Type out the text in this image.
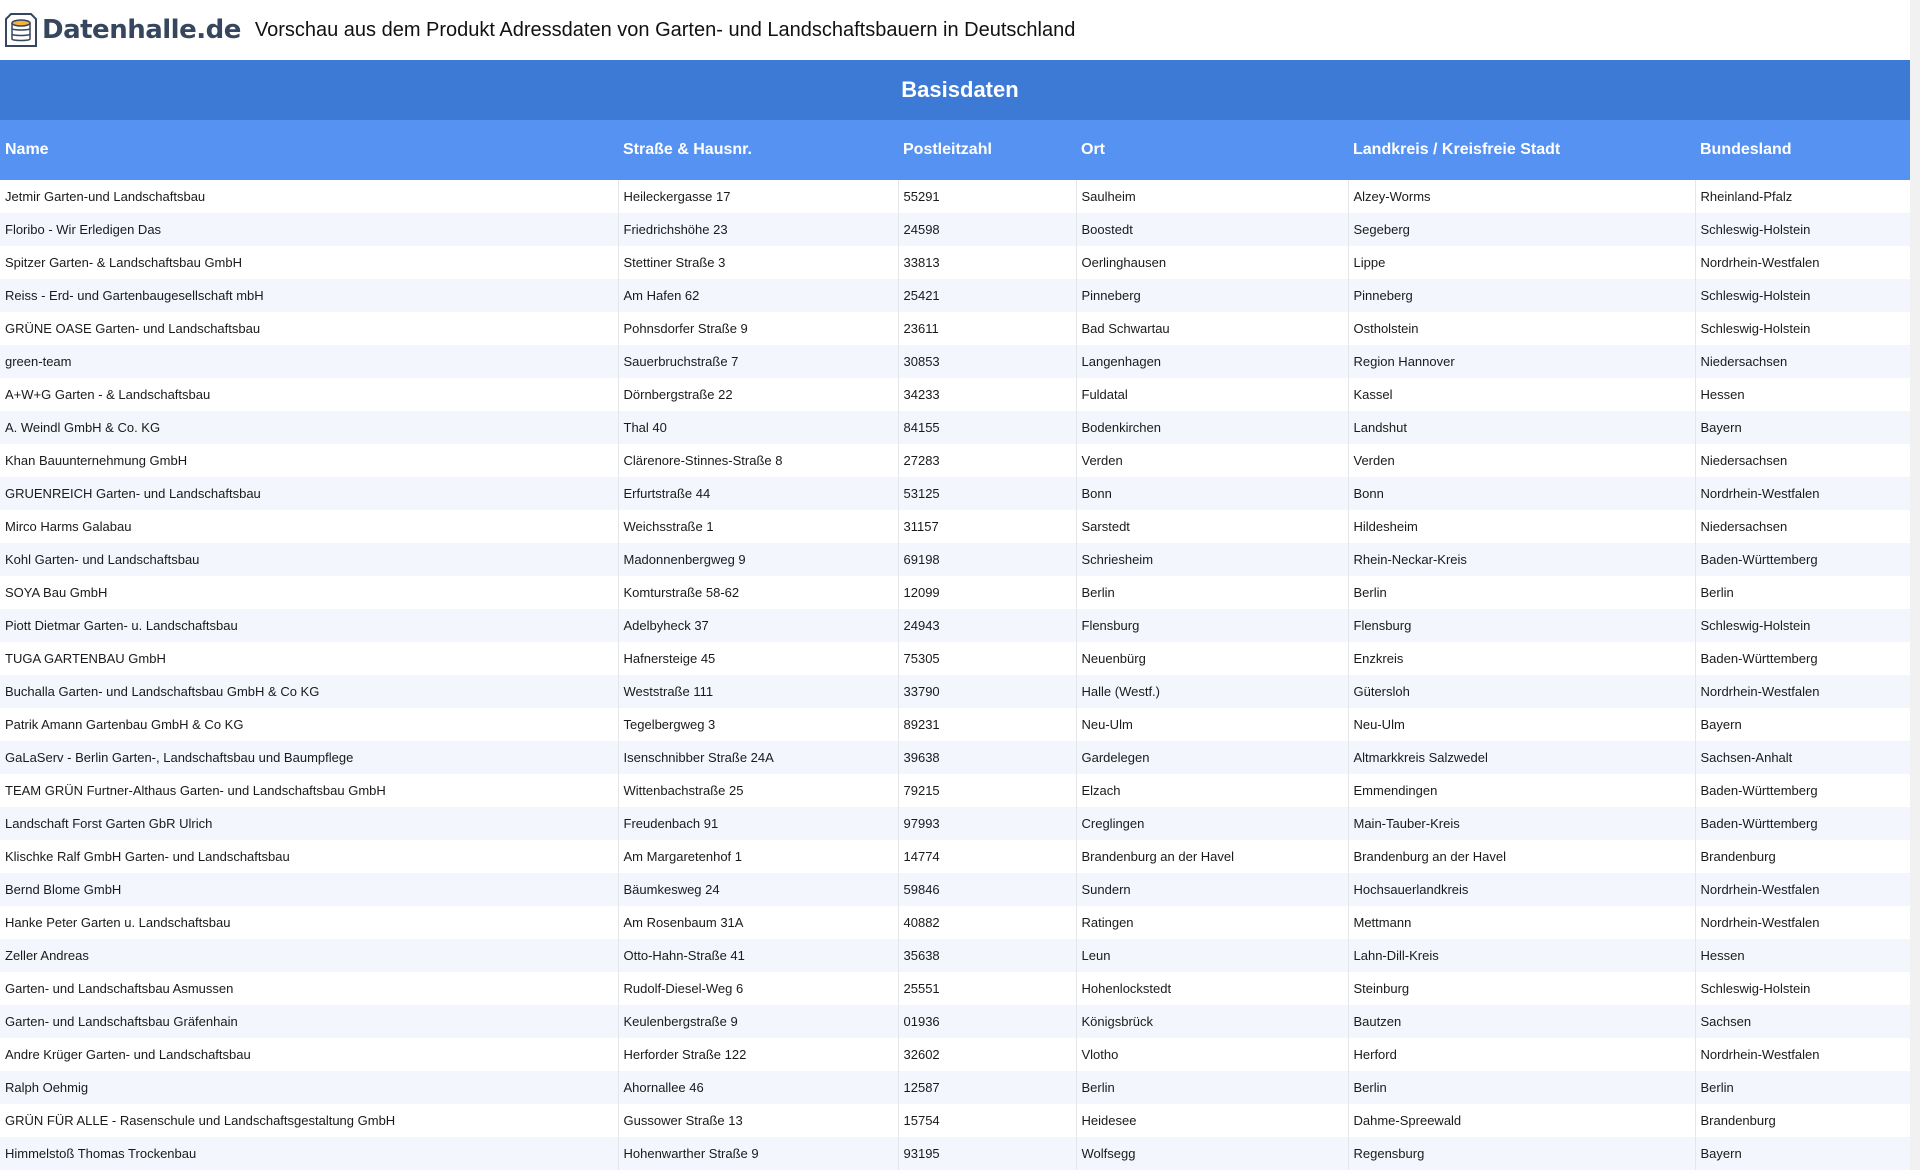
Datenhalle.de Vorschau aus dem Produkt Adressdaten von Garten- und Landschaftsbauern in Deutschland
Basisdaten
Name	Straße & Hausnr.	Postleitzahl	Ort	Landkreis / Kreisfreie Stadt	Bundesland
Jetmir Garten-und Landschaftsbau	Heileckergasse 17	55291	Saulheim	Alzey-Worms	Rheinland-Pfalz
Floribo - Wir Erledigen Das	Friedrichshöhe 23	24598	Boostedt	Segeberg	Schleswig-Holstein
Spitzer Garten- & Landschaftsbau GmbH	Stettiner Straße 3	33813	Oerlinghausen	Lippe	Nordrhein-Westfalen
Reiss - Erd- und Gartenbaugesellschaft mbH	Am Hafen 62	25421	Pinneberg	Pinneberg	Schleswig-Holstein
GRÜNE OASE Garten- und Landschaftsbau	Pohnsdorfer Straße 9	23611	Bad Schwartau	Ostholstein	Schleswig-Holstein
green-team	Sauerbruchstraße 7	30853	Langenhagen	Region Hannover	Niedersachsen
A+W+G Garten - & Landschaftsbau	Dörnbergstraße 22	34233	Fuldatal	Kassel	Hessen
A. Weindl GmbH & Co. KG	Thal 40	84155	Bodenkirchen	Landshut	Bayern
Khan Bauunternehmung GmbH	Clärenore-Stinnes-Straße 8	27283	Verden	Verden	Niedersachsen
GRUENREICH Garten- und Landschaftsbau	Erfurtstraße 44	53125	Bonn	Bonn	Nordrhein-Westfalen
Mirco Harms Galabau	Weichsstraße 1	31157	Sarstedt	Hildesheim	Niedersachsen
Kohl Garten- und Landschaftsbau	Madonnenbergweg 9	69198	Schriesheim	Rhein-Neckar-Kreis	Baden-Württemberg
SOYA Bau GmbH	Komturstraße 58-62	12099	Berlin	Berlin	Berlin
Piott Dietmar Garten- u. Landschaftsbau	Adelbyheck 37	24943	Flensburg	Flensburg	Schleswig-Holstein
TUGA GARTENBAU GmbH	Hafnersteige 45	75305	Neuenbürg	Enzkreis	Baden-Württemberg
Buchalla Garten- und Landschaftsbau GmbH & Co KG	Weststraße 111	33790	Halle (Westf.)	Gütersloh	Nordrhein-Westfalen
Patrik Amann Gartenbau GmbH & Co KG	Tegelbergweg 3	89231	Neu-Ulm	Neu-Ulm	Bayern
GaLaServ - Berlin Garten-, Landschaftsbau und Baumpflege	Isenschnibber Straße 24A	39638	Gardelegen	Altmarkkreis Salzwedel	Sachsen-Anhalt
TEAM GRÜN Furtner-Althaus Garten- und Landschaftsbau GmbH	Wittenbachstraße 25	79215	Elzach	Emmendingen	Baden-Württemberg
Landschaft Forst Garten GbR Ulrich	Freudenbach 91	97993	Creglingen	Main-Tauber-Kreis	Baden-Württemberg
Klischke Ralf GmbH Garten- und Landschaftsbau	Am Margaretenhof 1	14774	Brandenburg an der Havel	Brandenburg an der Havel	Brandenburg
Bernd Blome GmbH	Bäumkesweg 24	59846	Sundern	Hochsauerlandkreis	Nordrhein-Westfalen
Hanke Peter Garten u. Landschaftsbau	Am Rosenbaum 31A	40882	Ratingen	Mettmann	Nordrhein-Westfalen
Zeller Andreas	Otto-Hahn-Straße 41	35638	Leun	Lahn-Dill-Kreis	Hessen
Garten- und Landschaftsbau Asmussen	Rudolf-Diesel-Weg 6	25551	Hohenlockstedt	Steinburg	Schleswig-Holstein
Garten- und Landschaftsbau Gräfenhain	Keulenbergstraße 9	01936	Königsbrück	Bautzen	Sachsen
Andre Krüger Garten- und Landschaftsbau	Herforder Straße 122	32602	Vlotho	Herford	Nordrhein-Westfalen
Ralph Oehmig	Ahornallee 46	12587	Berlin	Berlin	Berlin
GRÜN FÜR ALLE - Rasenschule und Landschaftsgestaltung GmbH	Gussower Straße 13	15754	Heidesee	Dahme-Spreewald	Brandenburg
Himmelstoß Thomas Trockenbau	Hohenwarther Straße 9	93195	Wolfsegg	Regensburg	Bayern
